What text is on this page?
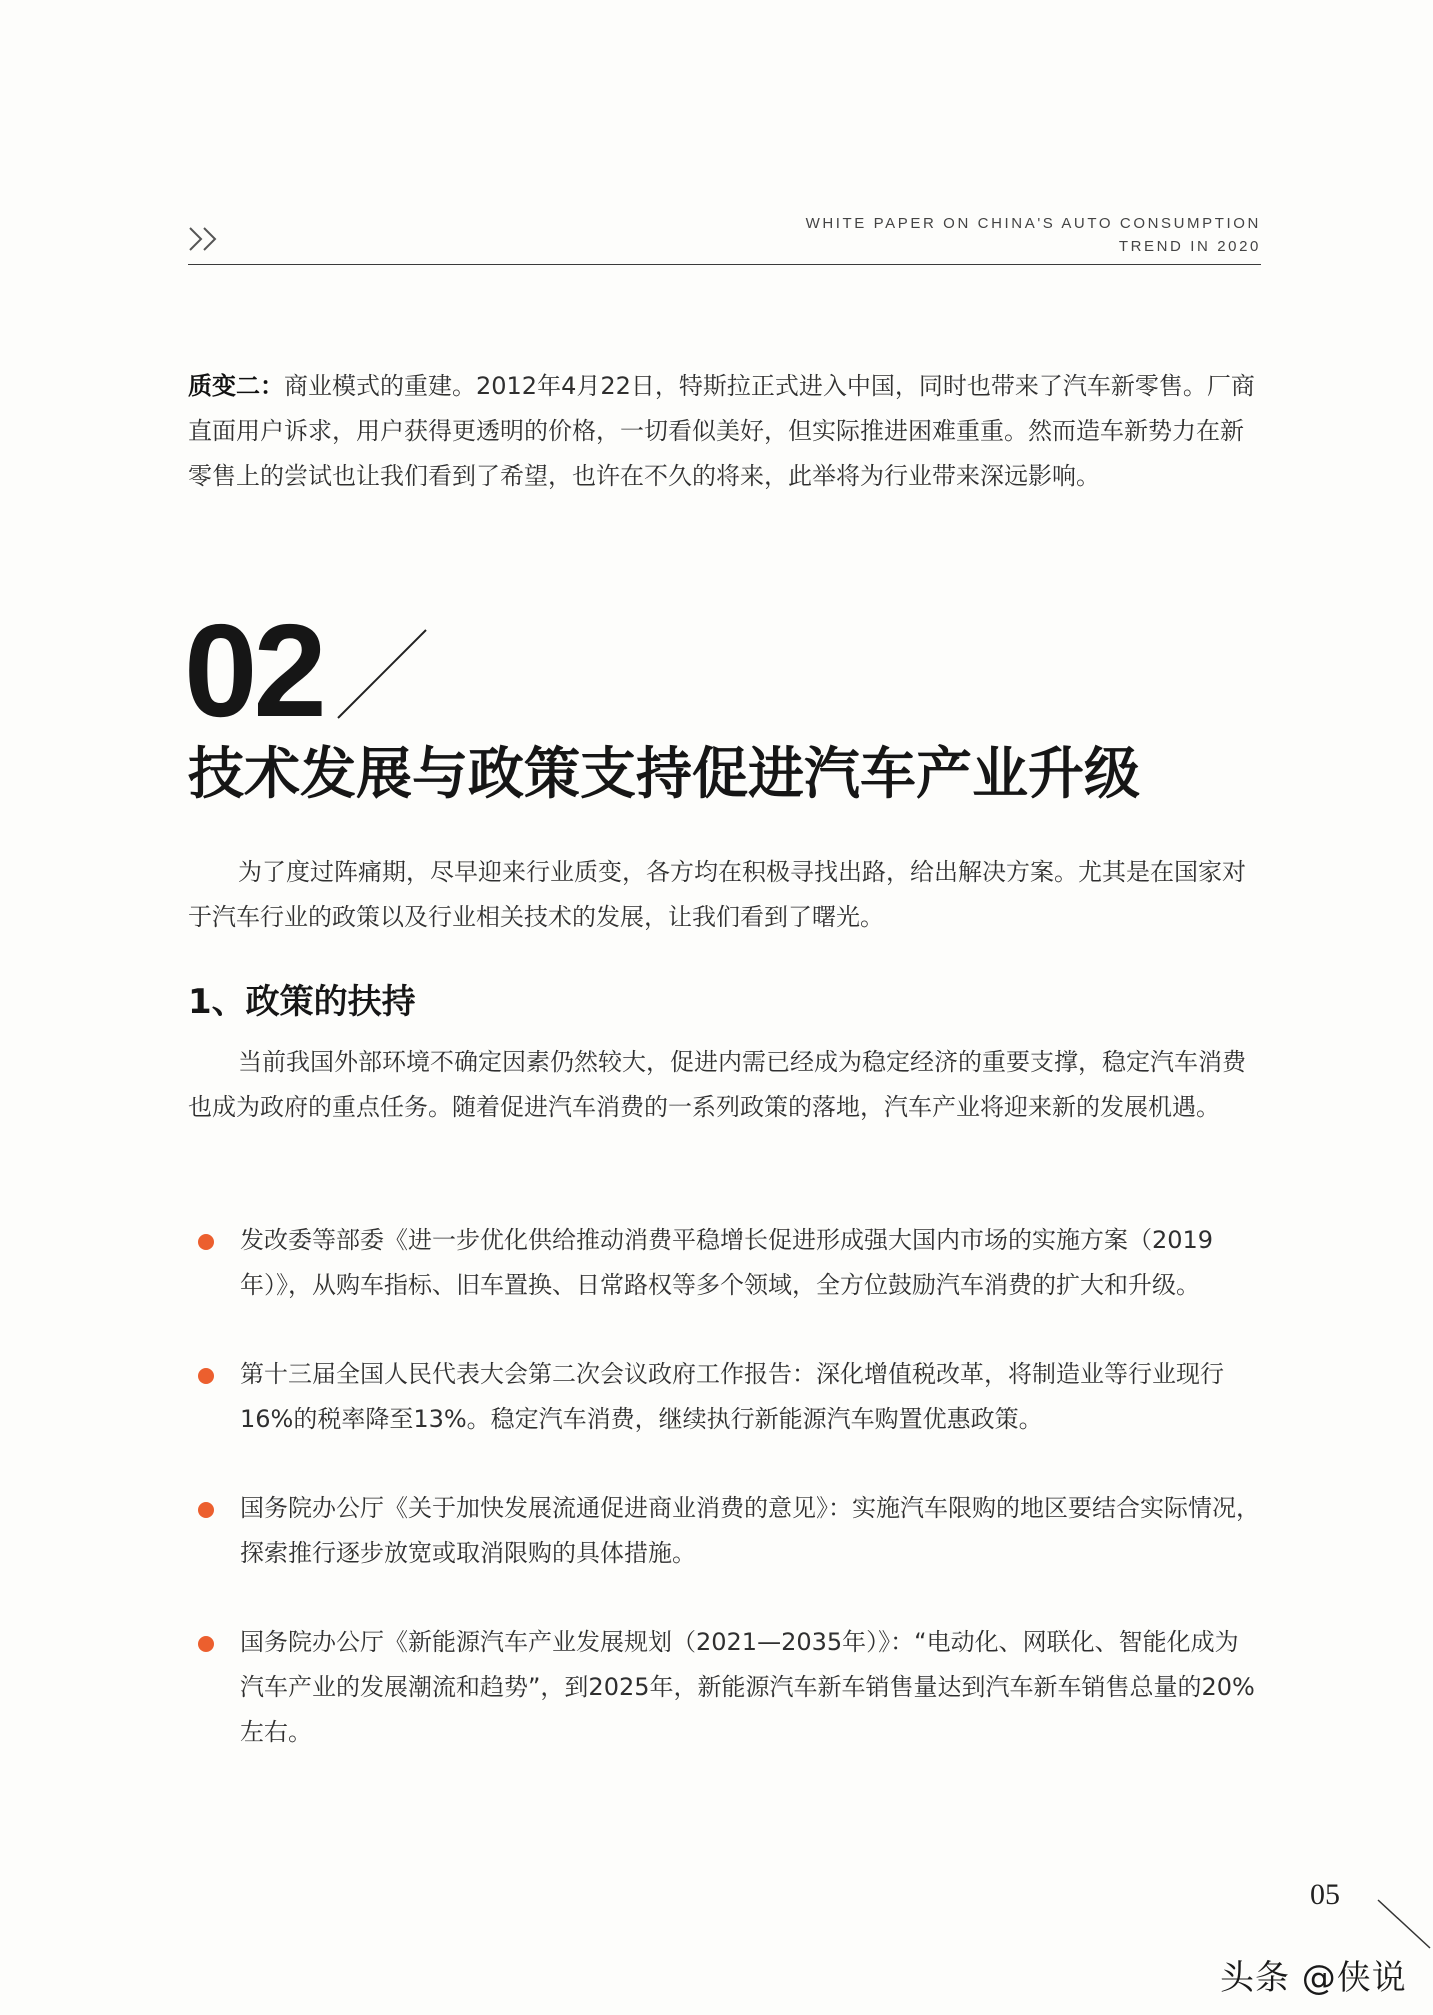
WHITE PAPER ON CHINA'S AUTO CONSUMPTION
TREND IN 2020

质变二：商业模式的重建。2012年4月22日，特斯拉正式进入中国，同时也带来了汽车新零售。厂商直面用户诉求，用户获得更透明的价格，一切看似美好，但实际推进困难重重。然而造车新势力在新零售上的尝试也让我们看到了希望，也许在不久的将来，此举将为行业带来深远影响。

02
技术发展与政策支持促进汽车产业升级

为了度过阵痛期，尽早迎来行业质变，各方均在积极寻找出路，给出解决方案。尤其是在国家对于汽车行业的政策以及行业相关技术的发展，让我们看到了曙光。

1、政策的扶持

当前我国外部环境不确定因素仍然较大，促进内需已经成为稳定经济的重要支撑，稳定汽车消费也成为政府的重点任务。随着促进汽车消费的一系列政策的落地，汽车产业将迎来新的发展机遇。

发改委等部委《进一步优化供给推动消费平稳增长促进形成强大国内市场的实施方案（2019年）》，从购车指标、旧车置换、日常路权等多个领域，全方位鼓励汽车消费的扩大和升级。

第十三届全国人民代表大会第二次会议政府工作报告：深化增值税改革，将制造业等行业现行16%的税率降至13%。稳定汽车消费，继续执行新能源汽车购置优惠政策。

国务院办公厅《关于加快发展流通促进商业消费的意见》：实施汽车限购的地区要结合实际情况，探索推行逐步放宽或取消限购的具体措施。

国务院办公厅《新能源汽车产业发展规划（2021—2035年）》：“电动化、网联化、智能化成为汽车产业的发展潮流和趋势”，到2025年，新能源汽车新车销售量达到汽车新车销售总量的20%左右。

05
头条 @侠说
